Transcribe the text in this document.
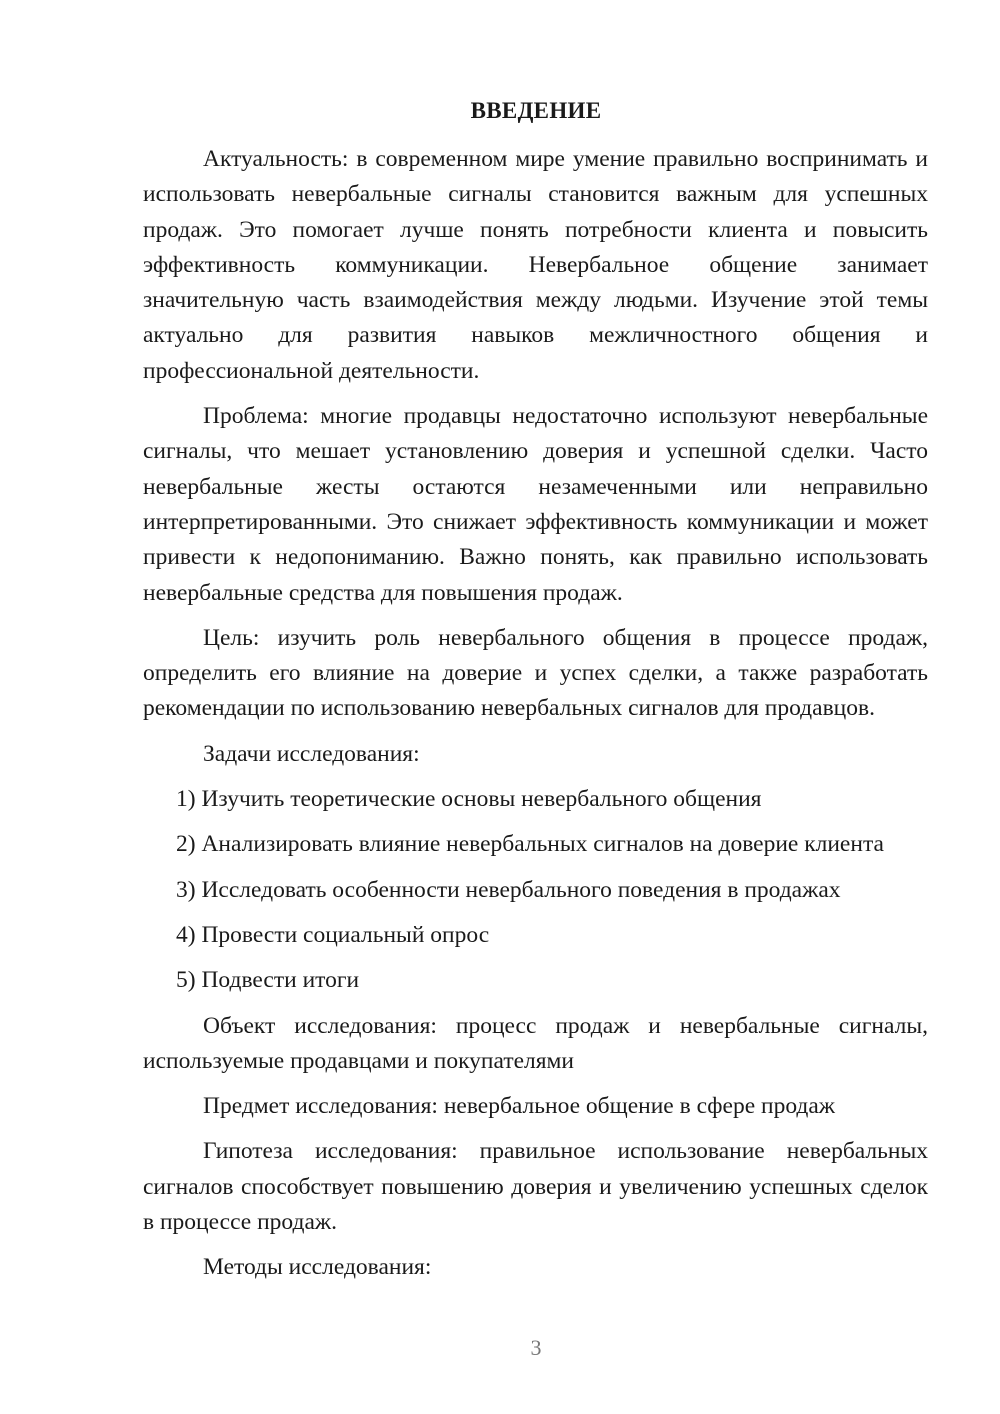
ВВЕДЕНИЕ

Актуальность: в современном мире умение правильно воспринимать и использовать невербальные сигналы становится важным для успешных продаж. Это помогает лучше понять потребности клиента и повысить эффективность коммуникации. Невербальное общение занимает значительную часть взаимодействия между людьми. Изучение этой темы актуально для развития навыков межличностного общения и профессиональной деятельности.

Проблема: многие продавцы недостаточно используют невербальные сигналы, что мешает установлению доверия и успешной сделки. Часто невербальные жесты остаются незамеченными или неправильно интерпретированными. Это снижает эффективность коммуникации и может привести к недопониманию. Важно понять, как правильно использовать невербальные средства для повышения продаж.

Цель: изучить роль невербального общения в процессе продаж, определить его влияние на доверие и успех сделки, а также разработать рекомендации по использованию невербальных сигналов для продавцов.

Задачи исследования:

1) Изучить теоретические основы невербального общения

2) Анализировать влияние невербальных сигналов на доверие клиента

3) Исследовать особенности невербального поведения в продажах

4) Провести социальный опрос

5) Подвести итоги

Объект исследования: процесс продаж и невербальные сигналы, используемые продавцами и покупателями

Предмет исследования: невербальное общение в сфере продаж

Гипотеза исследования: правильное использование невербальных сигналов способствует повышению доверия и увеличению успешных сделок в процессе продаж.

Методы исследования:

3
